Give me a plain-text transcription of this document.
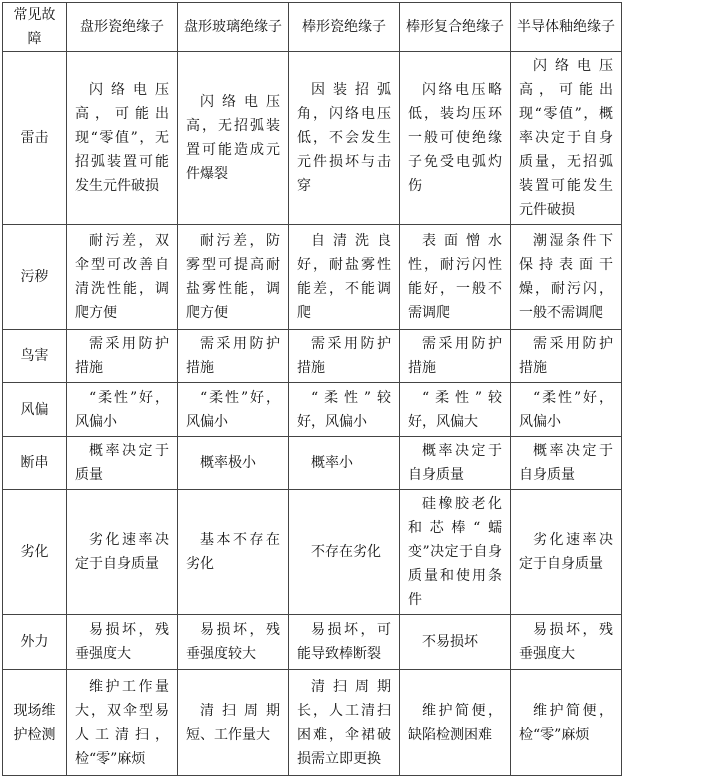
常见故障	盘形瓷绝缘子	盘形玻璃绝缘子	棒形瓷绝缘子	棒形复合绝缘子	半导体釉绝缘子
雷击	闪络电压高，可能出现“零值”，无招弧装置可能发生元件破损	闪络电压高，无招弧装置可能造成元件爆裂	因装招弧角，闪络电压低，不会发生元件损坏与击穿	闪络电压略低，装均压环一般可使绝缘子免受电弧灼伤	闪络电压高，可能出现“零值”，概率决定于自身质量，无招弧装置可能发生元件破损
污秽	耐污差，双伞型可改善自清洗性能，调爬方便	耐污差，防雾型可提高耐盐雾性能，调爬方便	自清洗良好，耐盐雾性能差，不能调爬	表面憎水性，耐污闪性能好，一般不需调爬	潮湿条件下保持表面干燥，耐污闪，一般不需调爬
鸟害	需采用防护措施	需采用防护措施	需采用防护措施	需采用防护措施	需采用防护措施
风偏	“柔性”好，风偏小	“柔性”好，风偏小	“柔性”较好，风偏小	“柔性”较好，风偏大	“柔性”好，风偏小
断串	概率决定于质量	概率极小	概率小	概率决定于自身质量	概率决定于自身质量
劣化	劣化速率决定于自身质量	基本不存在劣化	不存在劣化	硅橡胶老化和芯棒“蠕变”决定于自身质量和使用条件	劣化速率决定于自身质量
外力	易损坏，残垂强度大	易损坏，残垂强度较大	易损坏，可能导致棒断裂	不易损坏	易损坏，残垂强度大
现场维护检测	维护工作量大，双伞型易人工清扫，检“零”麻烦	清扫周期短、工作量大	清扫周期长，人工清扫困难，伞裙破损需立即更换	维护简便，缺陷检测困难	维护简便，检“零”麻烦
